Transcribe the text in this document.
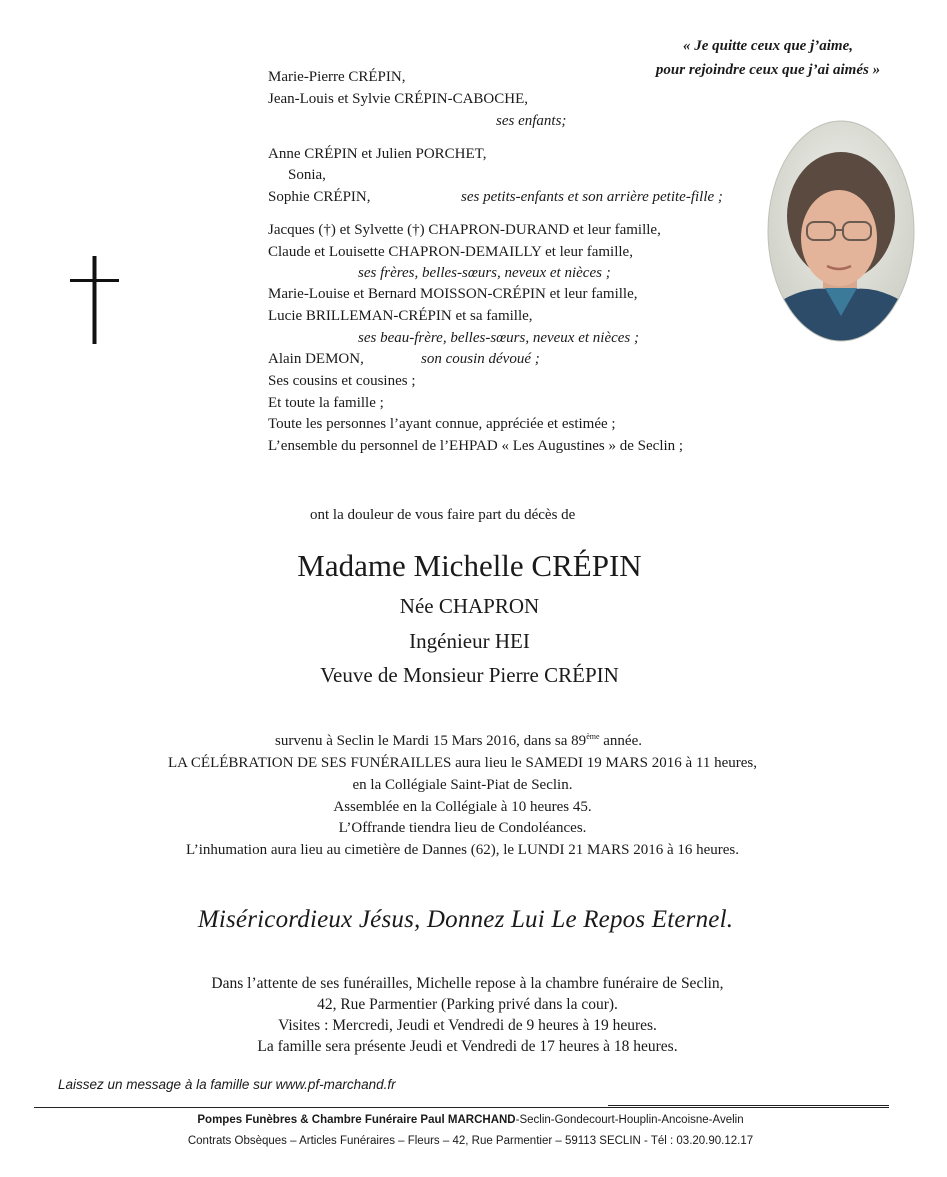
« Je quitte ceux que j’aime,
pour rejoindre ceux que j’ai aimés »
Marie-Pierre CRÉPIN,
Jean-Louis et Sylvie CRÉPIN-CABOCHE,
ses enfants;
Anne CRÉPIN et Julien PORCHET,
Sonia,
Sophie CRÉPIN,	ses petits-enfants et son arrière petite-fille ;
Jacques (†) et Sylvette (†) CHAPRON-DURAND et leur famille,
Claude et Louisette CHAPRON-DEMAILLY et leur famille,
ses frères, belles-sœurs, neveux et nièces ;
Marie-Louise et Bernard MOISSON-CRÉPIN et leur famille,
Lucie BRILLEMAN-CRÉPIN et sa famille,
ses beau-frère, belles-sœurs, neveux et nièces ;
Alain DEMON,	son cousin dévoué ;
Ses cousins et cousines ;
Et toute la famille ;
Toute les personnes l’ayant connue, appréciée et estimée ;
L’ensemble du personnel de l’EHPAD « Les Augustines » de Seclin ;
ont la douleur de vous faire part du décès de
Madame Michelle CRÉPIN
Née CHAPRON
Ingénieur HEI
Veuve de Monsieur Pierre CRÉPIN
survenu à Seclin le Mardi 15 Mars 2016, dans sa 89ème année.
LA CÉLÉBRATION DE SES FUNÉRAILLES aura lieu le SAMEDI 19 MARS 2016 à 11 heures,
en la Collégiale Saint-Piat de Seclin.
Assemblée en la Collégiale à 10 heures 45.
L’Offrande tiendra lieu de Condoléances.
L’inhumation aura lieu au cimetière de Dannes (62), le LUNDI 21 MARS 2016 à 16 heures.
Miséricordieux Jésus, Donnez Lui Le Repos Eternel.
Dans l’attente de ses funérailles, Michelle repose à la chambre funéraire de Seclin,
42, Rue Parmentier (Parking privé dans la cour).
Visites : Mercredi, Jeudi et Vendredi de 9 heures à 19 heures.
La famille sera présente Jeudi et Vendredi de 17 heures à 18 heures.
Laissez un message à la famille sur www.pf-marchand.fr
Pompes Funèbres & Chambre Funéraire Paul MARCHAND-Seclin-Gondecourt-Houplin-Ancoisne-Avelin
Contrats Obsèques – Articles Funéraires – Fleurs – 42, Rue Parmentier – 59113 SECLIN - Tél : 03.20.90.12.17
